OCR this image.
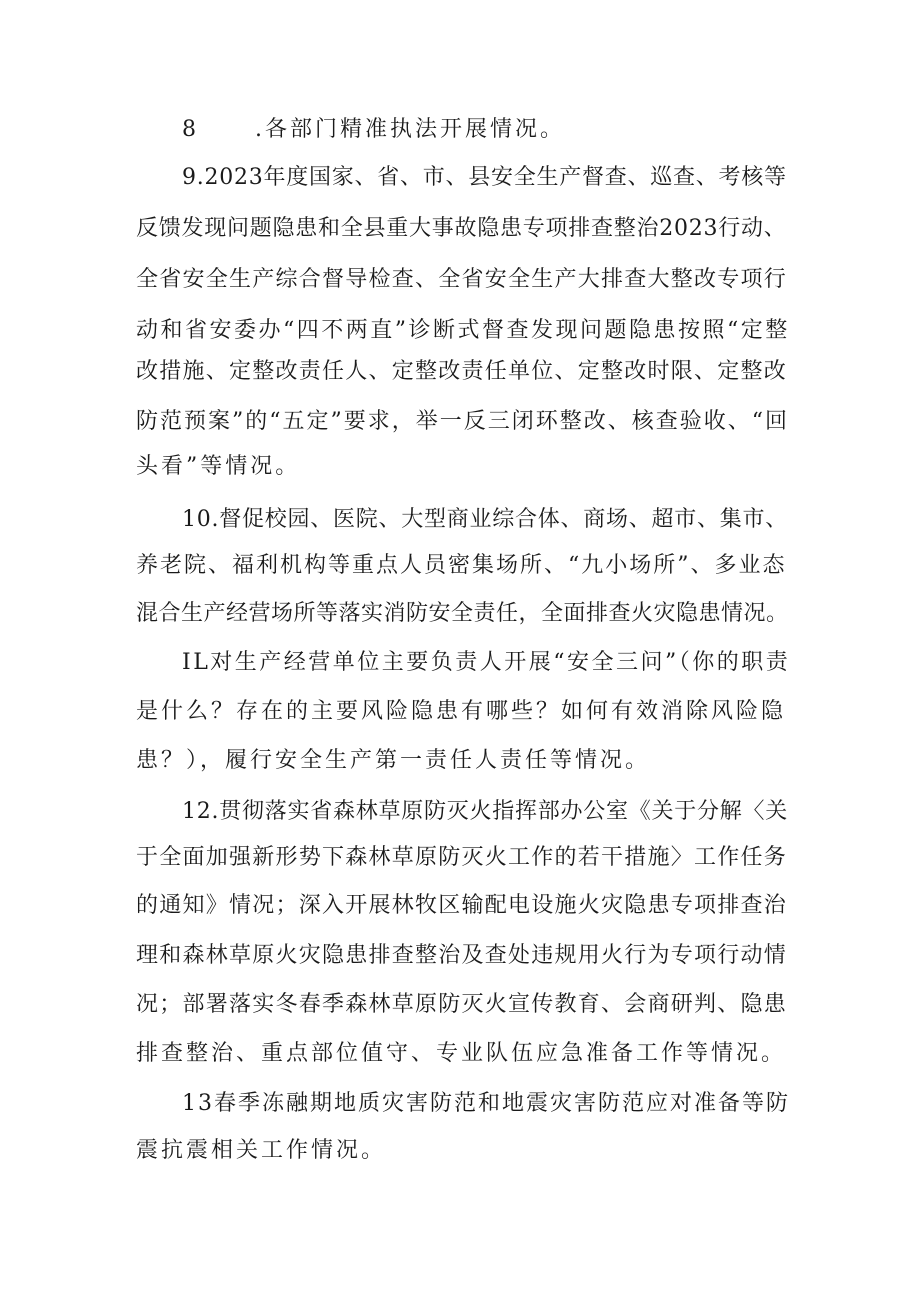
8	.各部门精准执法开展情况。

9.2023年度国家、省、市、县安全生产督查、巡查、考核等

反馈发现问题隐患和全县重大事故隐患专项排查整治2023行动、

全省安全生产综合督导检查、全省安全生产大排查大整改专项行

动和省安委办“四不两直”诊断式督查发现问题隐患按照“定整

改措施、定整改责任人、定整改责任单位、定整改时限、定整改

防范预案”的“五定”要求，举一反三闭环整改、核查验收、“回

头看”等情况。

10.督促校园、医院、大型商业综合体、商场、超市、集市、

养老院、福利机构等重点人员密集场所、“九小场所”、多业态

混合生产经营场所等落实消防安全责任，全面排查火灾隐患情况。

IL对生产经营单位主要负责人开展“安全三问”（你的职责

是什么？存在的主要风险隐患有哪些？如何有效消除风险隐

患？），履行安全生产第一责任人责任等情况。

12.贯彻落实省森林草原防灭火指挥部办公室《关于分解〈关

于全面加强新形势下森林草原防灭火工作的若干措施〉工作任务

的通知》情况；深入开展林牧区输配电设施火灾隐患专项排查治

理和森林草原火灾隐患排查整治及查处违规用火行为专项行动情

况；部署落实冬春季森林草原防灭火宣传教育、会商研判、隐患

排查整治、重点部位值守、专业队伍应急准备工作等情况。

13春季冻融期地质灾害防范和地震灾害防范应对准备等防

震抗震相关工作情况。
